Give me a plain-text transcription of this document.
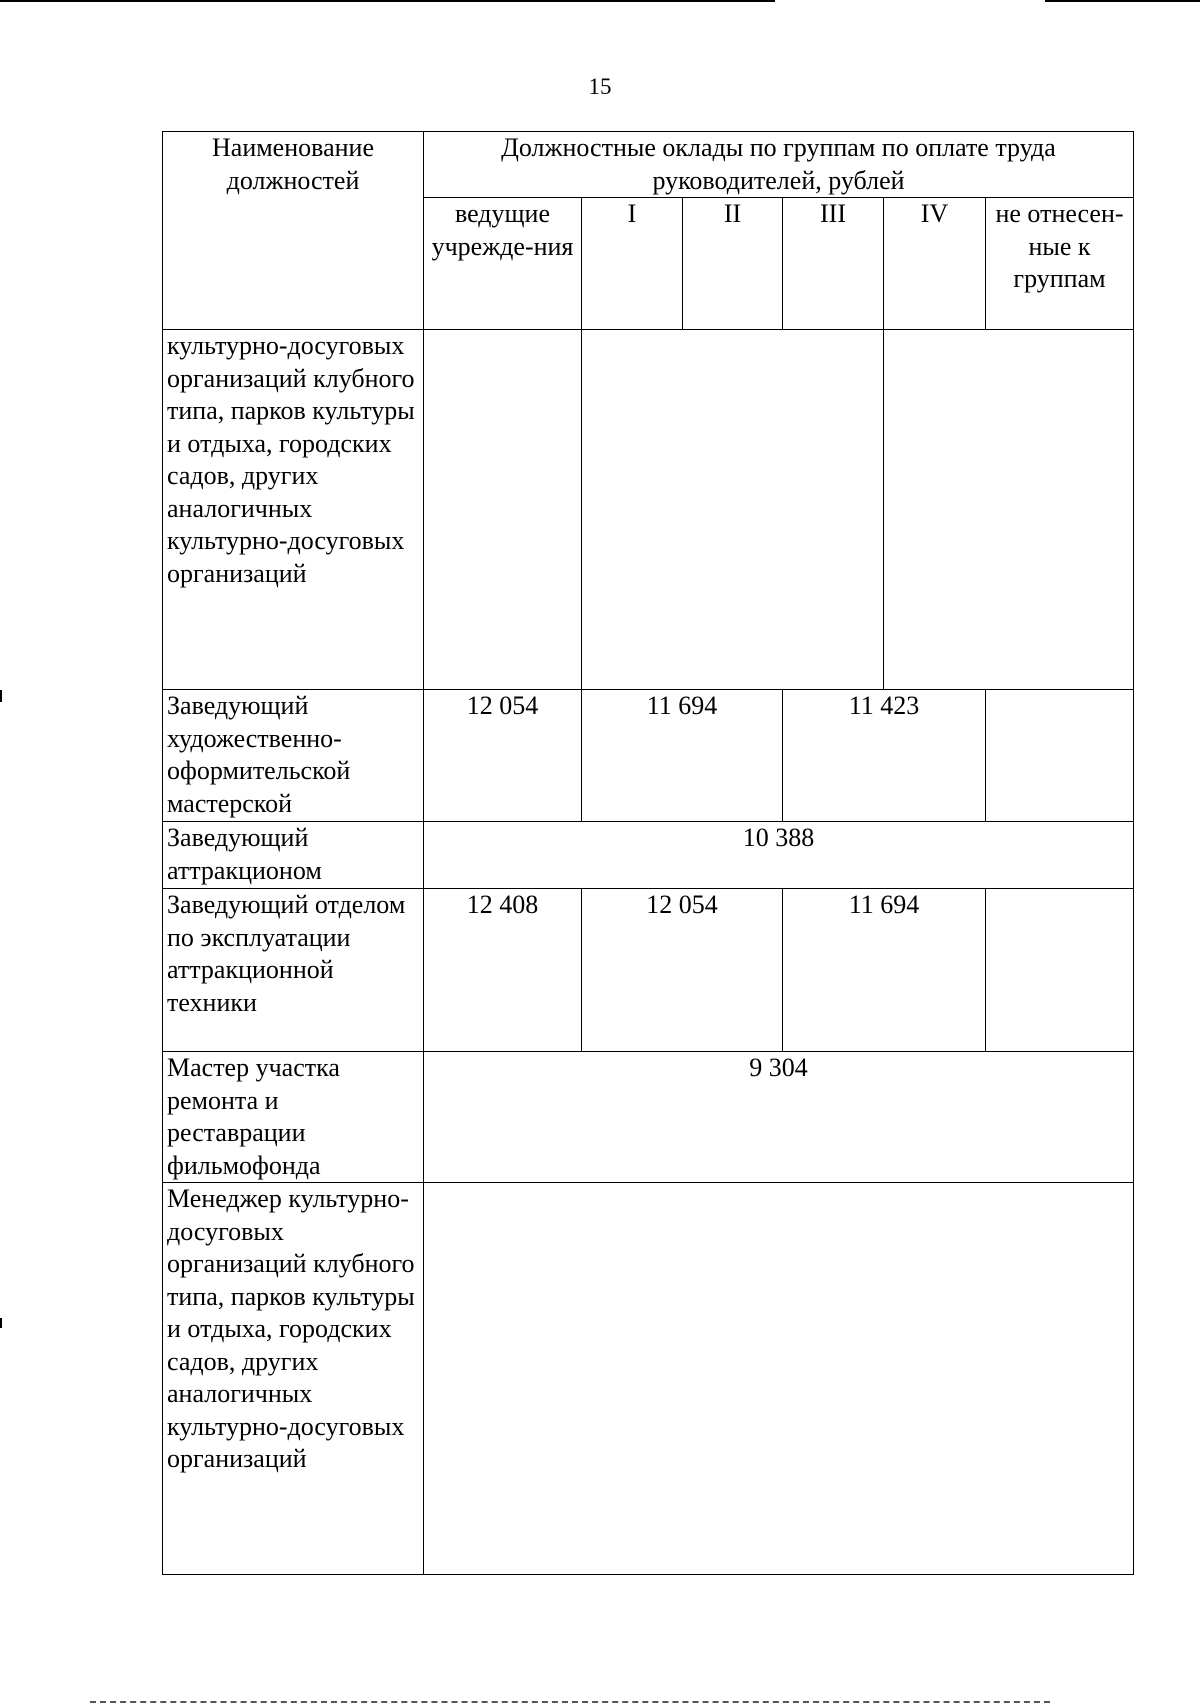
15
Наименование должностей	Должностные оклады по группам по оплате труда руководителей, рублей					
	ведущие учрежде-ния	I	II	III	IV	не отнесен-ные к группам
культурно-досуговых организаций клубного типа, парков культуры и отдыха, городских садов, других аналогичных культурно-досуговых организаций						
Заведующий художественно-оформительской мастерской	12 054	11 694		11 423		
Заведующий аттракционом	10 388					
Заведующий отделом по эксплуатации аттракционной техники	12 408	12 054		11 694		
Мастер участка ремонта и реставрации фильмофонда	9 304					
Менеджер культурно-досуговых организаций клубного типа, парков культуры и отдыха, городских садов, других аналогичных культурно-досуговых организаций						
